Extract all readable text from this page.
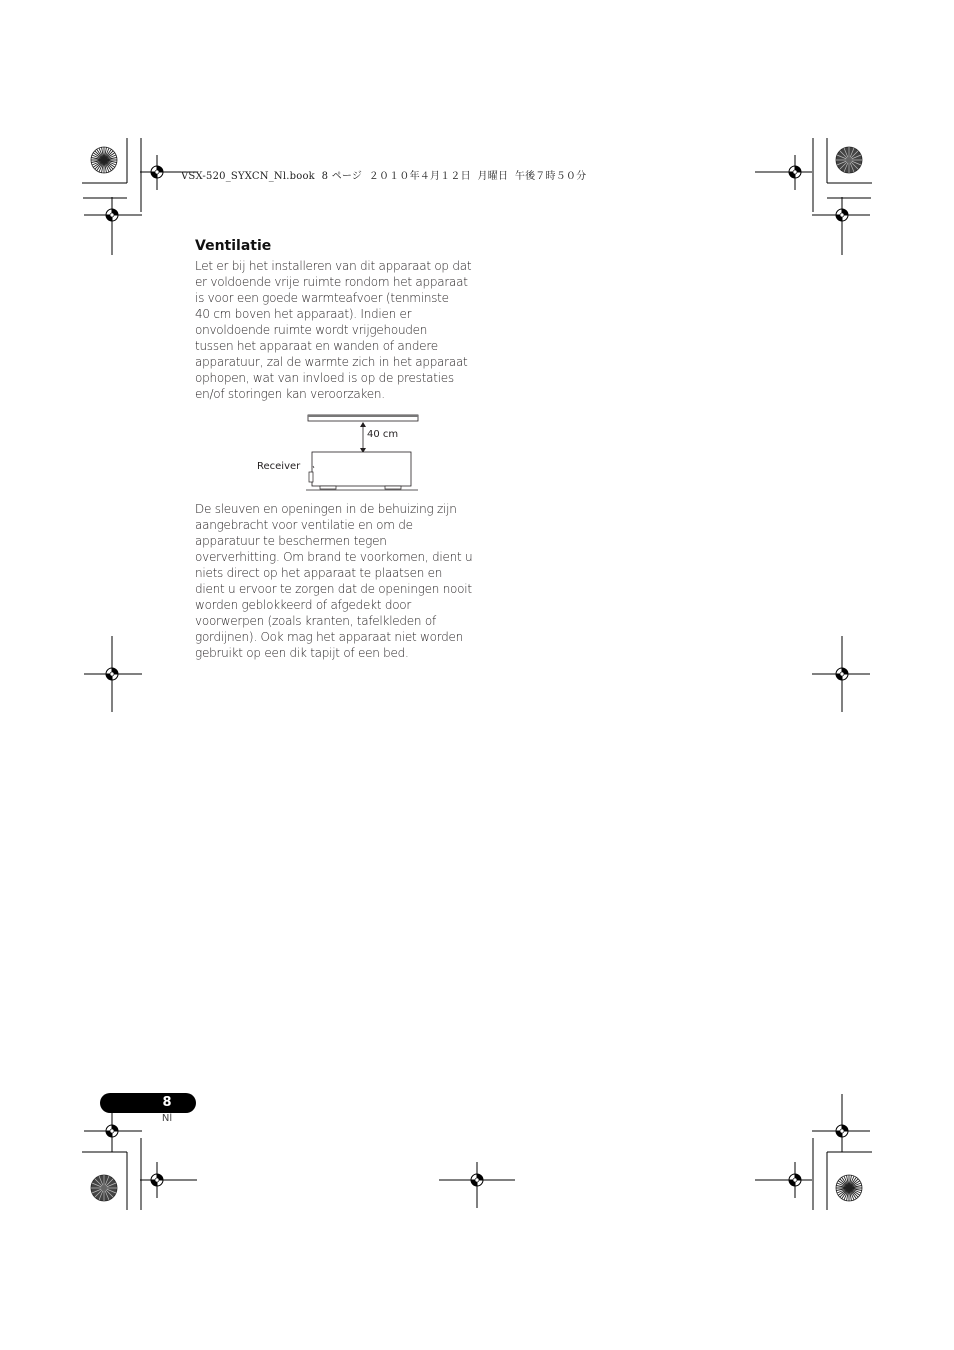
VSX-520_SYXCN_Nl.book  8 ページ  ２０１０年４月１２日  月曜日  午後７時５０分
Ventilatie
Let er bij het installeren van dit apparaat op dat
er voldoende vrije ruimte rondom het apparaat
is voor een goede warmteafvoer (tenminste
40 cm boven het apparaat). Indien er
onvoldoende ruimte wordt vrijgehouden
tussen het apparaat en wanden of andere
apparatuur, zal de warmte zich in het apparaat
ophopen, wat van invloed is op de prestaties
en/of storingen kan veroorzaken.
40 cm
Receiver
De sleuven en openingen in de behuizing zijn
aangebracht voor ventilatie en om de
apparatuur te beschermen tegen
oververhitting. Om brand te voorkomen, dient u
niets direct op het apparaat te plaatsen en
dient u ervoor te zorgen dat de openingen nooit
worden geblokkeerd of afgedekt door
voorwerpen (zoals kranten, tafelkleden of
gordijnen). Ook mag het apparaat niet worden
gebruikt op een dik tapijt of een bed.
8
Nl
